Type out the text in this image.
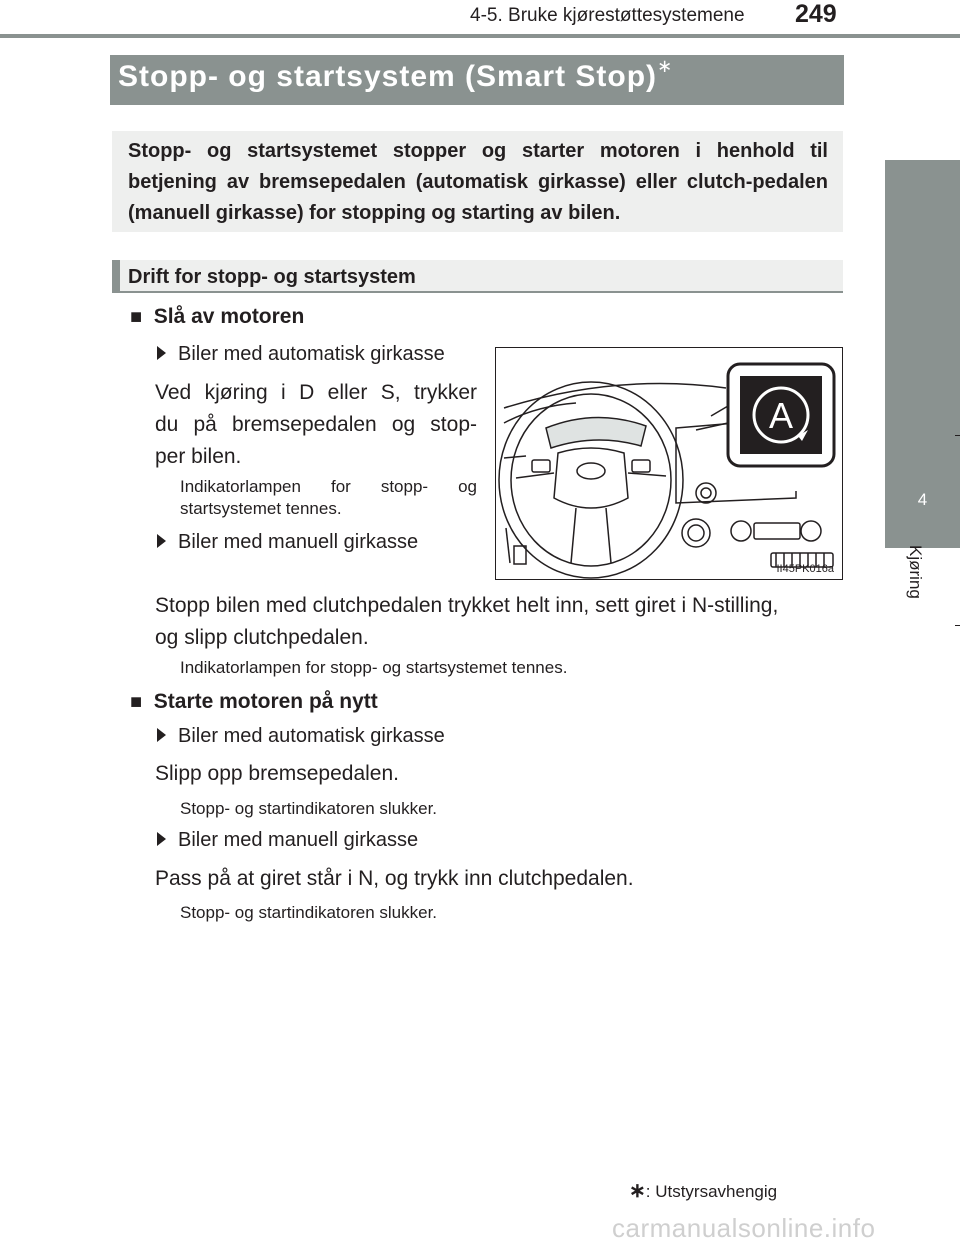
4-5. Bruke kjørestøttesystemene 249
4
Kjøring
Stopp- og startsystem (Smart Stop)∗
Stopp- og startsystemet stopper og starter motoren i henhold til betjening av bremsepedalen (automatisk girkasse) eller clutch-pedalen (manuell girkasse) for stopping og starting av bilen.
Drift for stopp- og startsystem
■ Slå av motoren
Biler med automatisk girkasse
Ved kjøring i D eller S, trykker
du på bremsepedalen og stop-
per bilen.
Indikatorlampen for stopp- og
startsystemet tennes.
Biler med manuell girkasse
Stopp bilen med clutchpedalen trykket helt inn, sett giret i N-stilling,
og slipp clutchpedalen.
Indikatorlampen for stopp- og startsystemet tennes.
A
II45PK016a
■ Starte motoren på nytt
Biler med automatisk girkasse
Slipp opp bremsepedalen.
Stopp- og startindikatoren slukker.
Biler med manuell girkasse
Pass på at giret står i N, og trykk inn clutchpedalen.
Stopp- og startindikatoren slukker.
∗: Utstyrsavhengig
carmanualsonline.info
